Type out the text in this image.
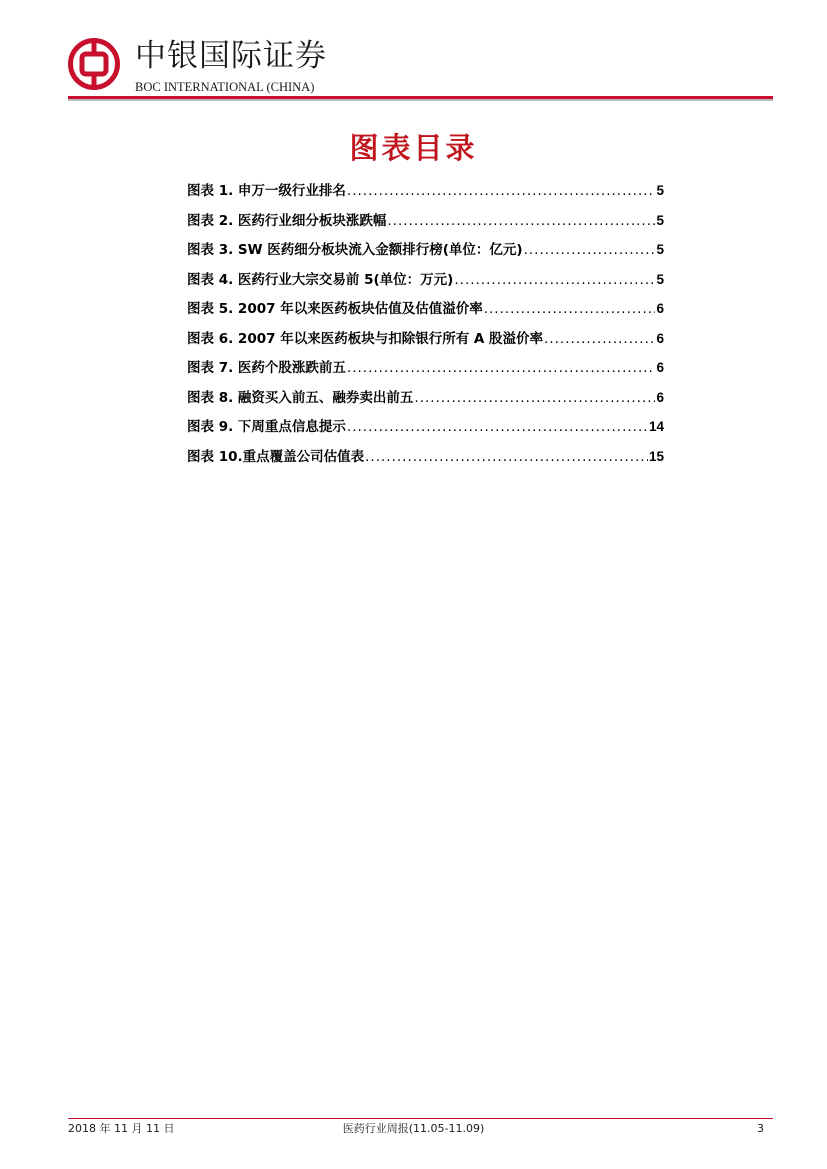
中银国际证券
BOC INTERNATIONAL (CHINA)
图表目录
图表 1. 申万一级行业排名 .....	5
图表 2. 医药行业细分板块涨跌幅 .....	5
图表 3. SW 医药细分板块流入金额排行榜(单位：亿元) .....	5
图表 4. 医药行业大宗交易前 5(单位：万元) .....	5
图表 5. 2007 年以来医药板块估值及估值溢价率 .....	6
图表 6. 2007 年以来医药板块与扣除银行所有 A 股溢价率 .....	6
图表 7. 医药个股涨跌前五 .....	6
图表 8. 融资买入前五、融券卖出前五 .....	6
图表 9. 下周重点信息提示 .....	14
图表 10.重点覆盖公司估值表 .....	15
2018 年 11 月 11 日	医药行业周报(11.05-11.09)	3
